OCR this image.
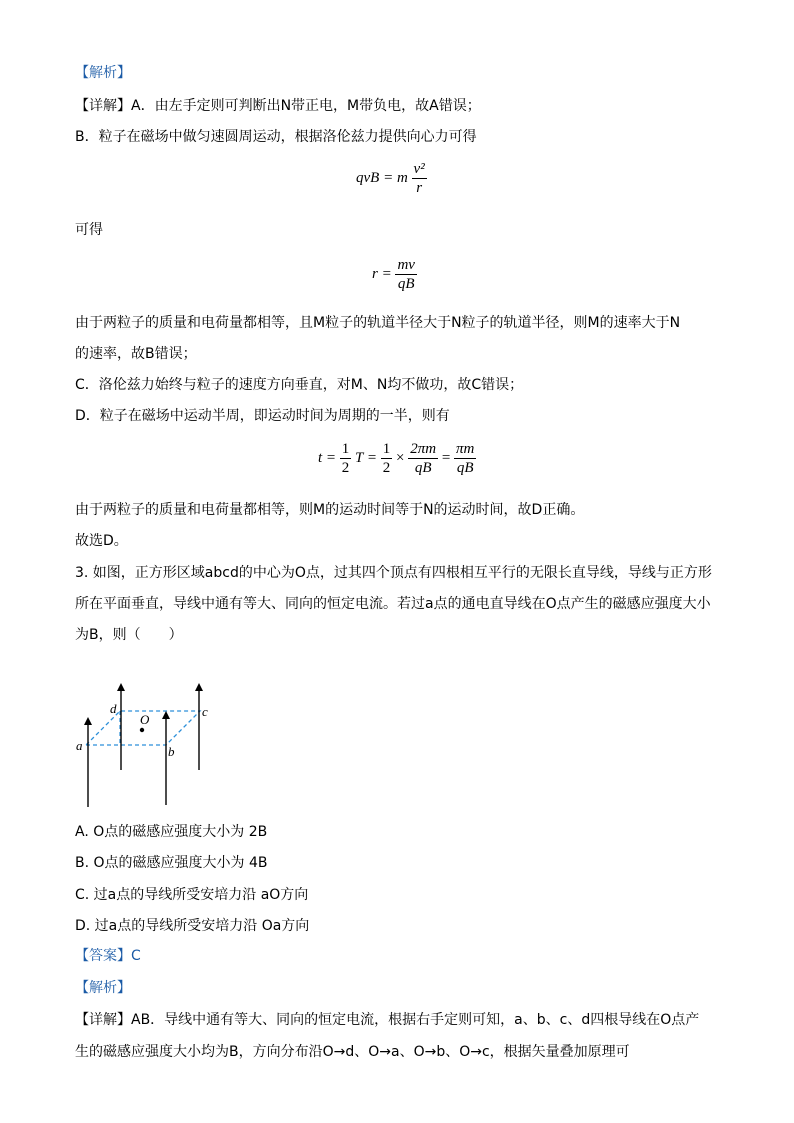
【解析】
【详解】A．由左手定则可判断出N带正电，M带负电，故A错误；
B．粒子在磁场中做匀速圆周运动，根据洛伦兹力提供向心力可得
qvB = m $\frac{\text{v²}}{r}$
可得
$r = \frac{mv}{qB}$
由于两粒子的质量和电荷量都相等，且M粒子的轨道半径大于N粒子的轨道半径，则M的速率大于N
的速率，故B错误；
C．洛伦兹力始终与粒子的速度方向垂直，对M、N均不做功，故C错误；
D．粒子在磁场中运动半周，即运动时间为周期的一半，则有
$t = \frac{1}{2}$ $T = \frac{1}{2} \times \frac{2\pi m}{qB} = \frac{\pi m}{qB}$
由于两粒子的质量和电荷量都相等，则M的运动时间等于N的运动时间，故D正确。
故选D。
3. 如图，正方形区域abcd的中心为O点，过其四个顶点有四根相互平行的无限长直导线，导线与正方形
所在平面垂直，导线中通有等大、同向的恒定电流。若过a点的通电直导线在O点产生的磁感应强度大小
为B，则（　　）
a	b
c
d
O
A. O点的磁感应强度大小为 2B
B. O点的磁感应强度大小为 4B
C. 过a点的导线所受安培力沿 aO方向
D. 过a点的导线所受安培力沿 Oa方向
【答案】C
【解析】
【详解】AB．导线中通有等大、同向的恒定电流，根据右手定则可知，a、b、c、d四根导线在O点产
生的磁感应强度大小均为B，方向分布沿O→d、O→a、O→b、O→c，根据矢量叠加原理可
